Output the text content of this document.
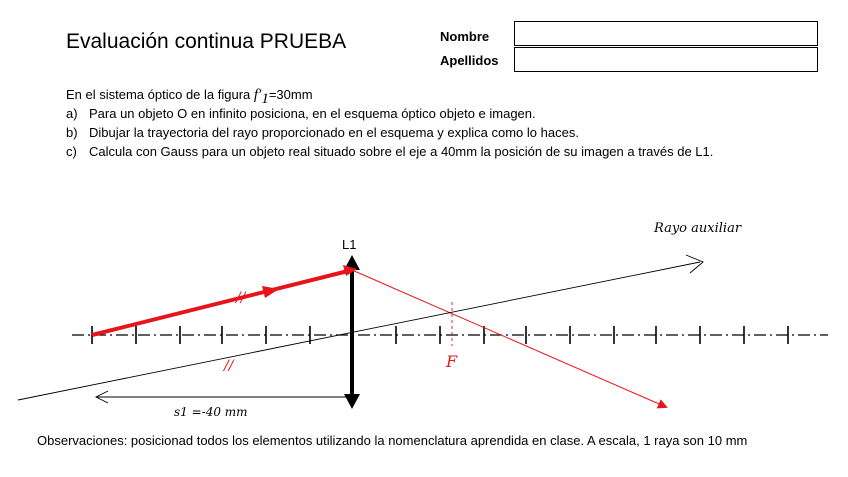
Evaluación continua PRUEBA	Nombre
Apellidos
En el sistema óptico de la figura $f'_1=30mm$
a) Para un objeto O en infinito posiciona, en el esquema óptico objeto e imagen.
b) Dibujar la trayectoria del rayo proporcionado en el esquema y explica como lo haces.
c) Calcula con Gauss para un objeto real situado sobre el eje a 40mm la posición de su imagen a través de L1.
L1
//
//
Rayo auxiliar
F
s1 =-40 mm
Observaciones: posicionad todos los elementos utilizando la nomenclatura aprendida en clase. A escala, 1 raya son 10 mm
